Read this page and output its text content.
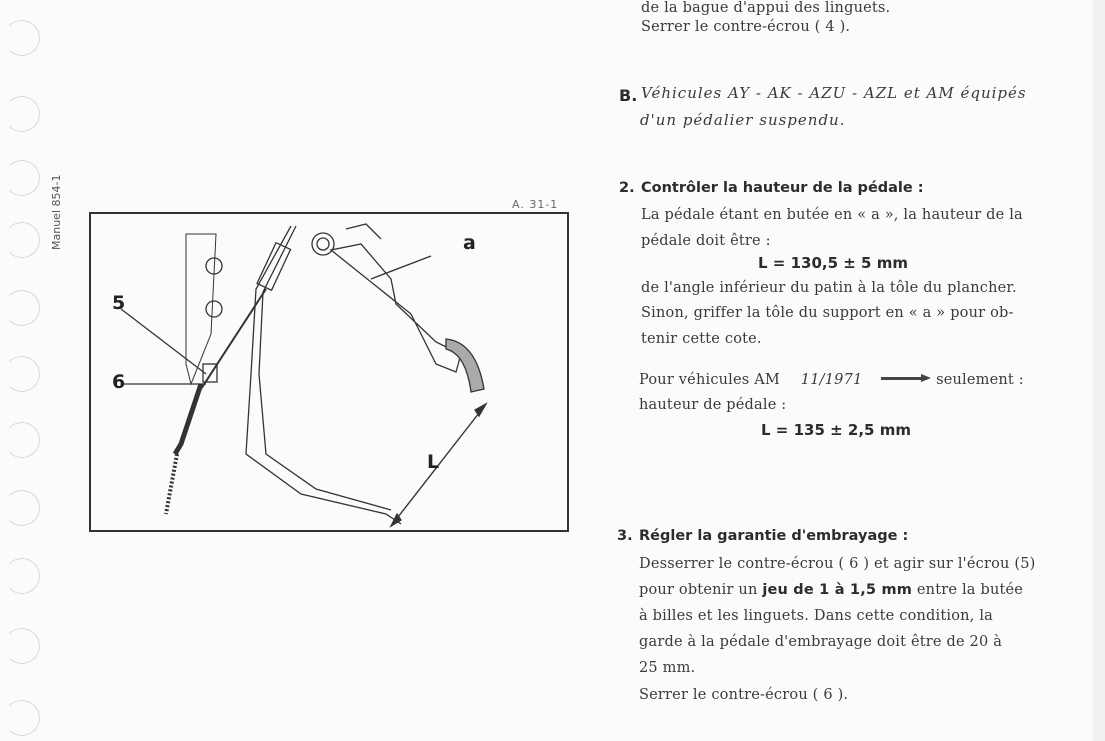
Manuel 854-1	A. 31-1
a
5
6
L
de la bague d'appui des linguets.
Serrer le contre-écrou ( 4 ).
B. Véhicules AY - AK - AZU - AZL et AM équipés
d'un pédalier suspendu.
2. Contrôler la hauteur de la pédale :
La pédale étant en butée en « a », la hauteur de la
pédale doit être :
L = 130,5 ± 5 mm
de l'angle inférieur du patin à la tôle du plancher.
Sinon, griffer la tôle du support en « a » pour ob-
tenir cette cote.
Pour véhicules AM 11/1971	seulement :
hauteur de pédale :
L = 135 ± 2,5 mm
3. Régler la garantie d'embrayage :
Desserrer le contre-écrou ( 6 ) et agir sur l'écrou (5)
pour obtenir un jeu de 1 à 1,5 mm entre la butée
à billes et les linguets. Dans cette condition, la
garde à la pédale d'embrayage doit être de 20 à
25 mm.
Serrer le contre-écrou ( 6 ).
